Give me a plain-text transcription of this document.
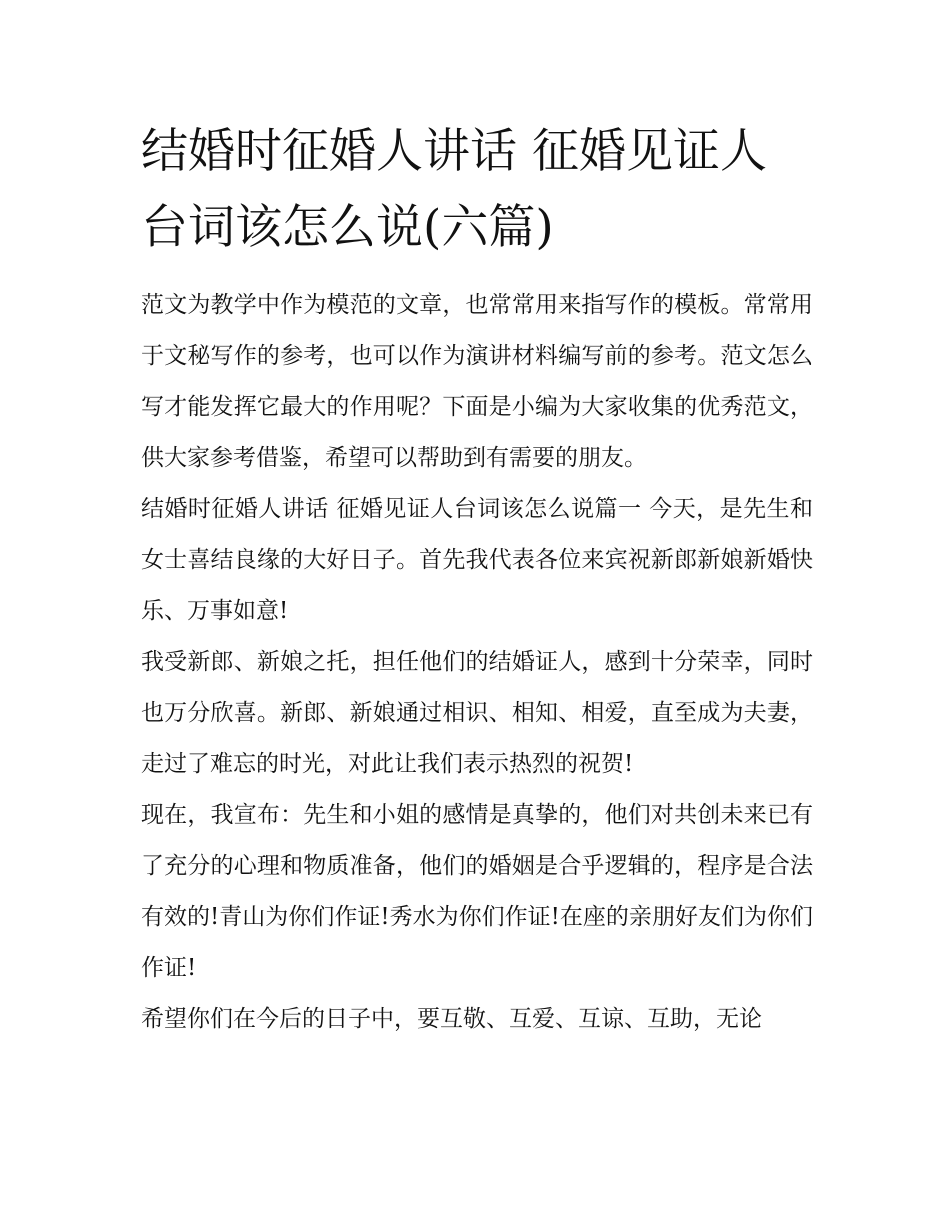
结婚时征婚人讲话 征婚见证人台词该怎么说(六篇)

范文为教学中作为模范的文章，也常常用来指写作的模板。常常用于文秘写作的参考，也可以作为演讲材料编写前的参考。范文怎么写才能发挥它最大的作用呢？下面是小编为大家收集的优秀范文，供大家参考借鉴，希望可以帮助到有需要的朋友。

结婚时征婚人讲话 征婚见证人台词该怎么说篇一 今天，是先生和女士喜结良缘的大好日子。首先我代表各位来宾祝新郎新娘新婚快乐、万事如意!

我受新郎、新娘之托，担任他们的结婚证人，感到十分荣幸，同时也万分欣喜。新郎、新娘通过相识、相知、相爱，直至成为夫妻，走过了难忘的时光，对此让我们表示热烈的祝贺!

现在，我宣布：先生和小姐的感情是真挚的，他们对共创未来已有了充分的心理和物质准备，他们的婚姻是合乎逻辑的，程序是合法有效的!青山为你们作证!秀水为你们作证!在座的亲朋好友们为你们作证!

希望你们在今后的日子中，要互敬、互爱、互谅、互助，无论
